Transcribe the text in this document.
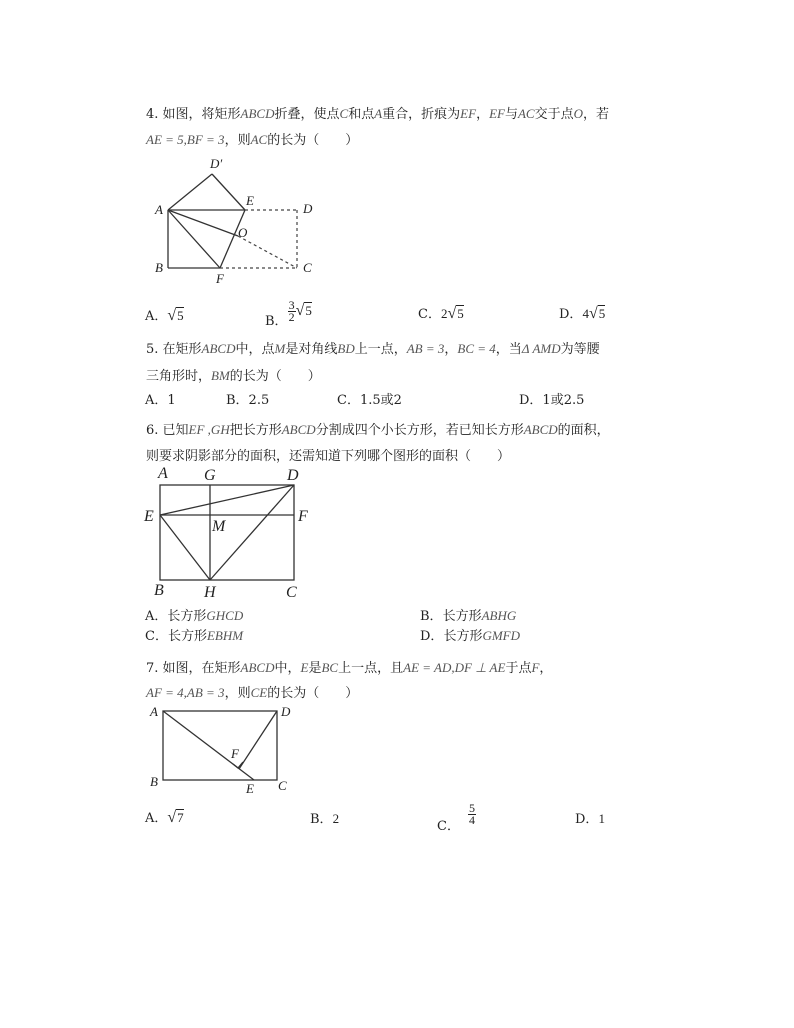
4. 如图，将矩形ABCD折叠，使点C和点A重合，折痕为EF，EF与AC交于点O，若
AE = 5,BF = 3，则AC的长为（　　）
D′
A
E
D
O
B
F
C
A．√5	B． $\frac{3}{2} √5$	C．2√5	D．4√5
5. 在矩形ABCD中，点M是对角线BD上一点，AB = 3，BC = 4，当Δ AMD为等腰
三角形时，BM的长为（　　）
A．1	B．2.5	C．1.5或2	D．1或2.5
6. 已知EF ,GH把长方形ABCD分割成四个小长方形，若已知长方形ABCD的面积，
则要求阴影部分的面积，还需知道下列哪个图形的面积（　　）
A G	D
E
M
F
B	H	C
A．长方形GHCD	B．长方形ABHG
C．长方形EBHM	D．长方形GMFD
7. 如图，在矩形ABCD中，E是BC上一点，且AE = AD,DF ⊥ AE于点F，
AF = 4,AB = 3，则CE的长为（　　）
A	D
F
B	E C
A．√7	B．2
C．
$\frac{5}{4}$	D．1
